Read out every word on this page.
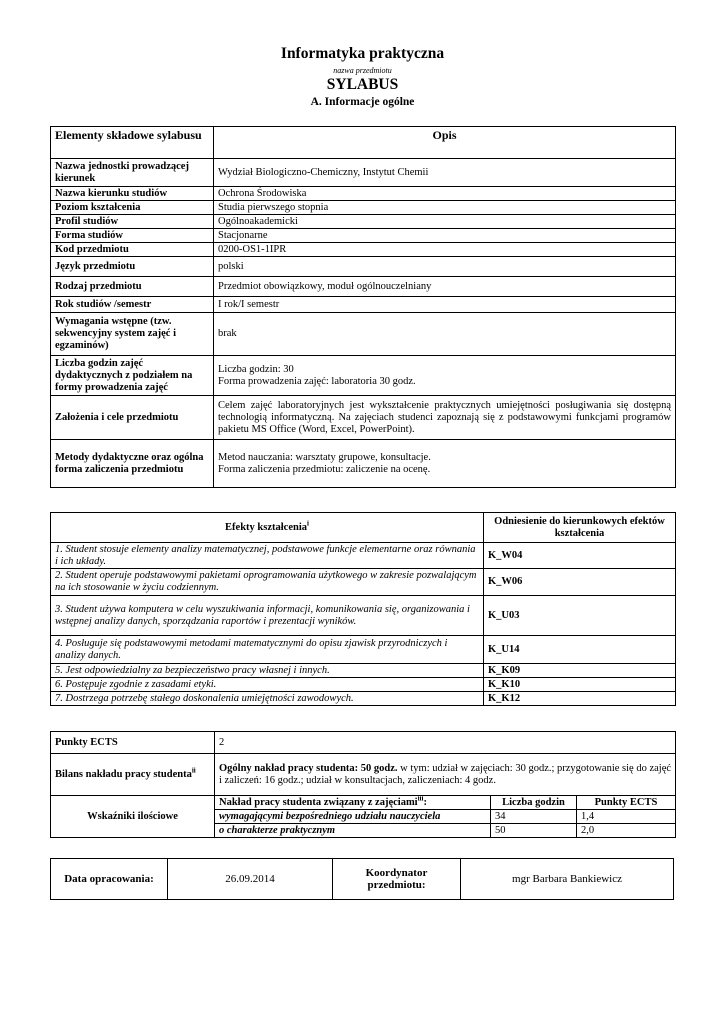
Informatyka praktyczna
nazwa przedmiotu
SYLABUS
A. Informacje ogólne
Elementy składowe sylabusu	Opis
Nazwa jednostki prowadzącej kierunek	Wydział Biologiczno-Chemiczny, Instytut Chemii
Nazwa kierunku studiów	Ochrona Środowiska
Poziom kształcenia	Studia pierwszego stopnia
Profil studiów	Ogólnoakademicki
Forma studiów	Stacjonarne
Kod przedmiotu	0200-OS1-1IPR
Język przedmiotu	polski
Rodzaj przedmiotu	Przedmiot obowiązkowy, moduł ogólnouczelniany
Rok studiów /semestr	I rok/I semestr
Wymagania wstępne (tzw. sekwencyjny system zajęć i egzaminów)	brak
Liczba godzin zajęć dydaktycznych z podziałem na formy prowadzenia zajęć	Liczba godzin: 30
Forma prowadzenia zajęć: laboratoria 30 godz.

Założenia i cele przedmiotu	Celem zajęć laboratoryjnych jest wykształcenie praktycznych umiejętności posługiwania się dostępną technologią informatyczną. Na zajęciach studenci zapoznają się z podstawowymi funkcjami programów pakietu MS Office (Word, Excel, PowerPoint).
Metody dydaktyczne oraz ogólna forma zaliczenia przedmiotu	Metod nauczania: warsztaty grupowe, konsultacje.
Forma zaliczenia przedmiotu: zaliczenie na ocenę.
Efekty kształcenia$^i$	Odniesienie do kierunkowych efektów kształcenia
1. Student stosuje elementy analizy matematycznej, podstawowe funkcje elementarne oraz równania i ich układy.	K_W04
2. Student operuje podstawowymi pakietami oprogramowania użytkowego w zakresie pozwalającym na ich stosowanie w życiu codziennym.	K_W06
3. Student używa komputera w celu wyszukiwania informacji, komunikowania się, organizowania i wstępnej analizy danych, sporządzania raportów i prezentacji wyników.	K_U03
4. Posługuje się podstawowymi metodami matematycznymi do opisu zjawisk przyrodniczych i analizy danych.	K_U14
5. Jest odpowiedzialny za bezpieczeństwo pracy własnej i innych.	K_K09
6. Postępuje zgodnie z zasadami etyki.	K_K10
7. Dostrzega potrzebę stałego doskonalenia umiejętności zawodowych.	K_K12
Punkty ECTS	2		
Bilans nakładu pracy studenta$^{ii}$	Ogólny nakład pracy studenta: 50 godz. w tym: udział w zajęciach: 30 godz.; przygotowanie się do zajęć i zaliczeń: 16 godz.; udział w konsultacjach, zaliczeniach: 4 godz.		
Wskaźniki ilościowe	Nakład pracy studenta związany z zajęciami$^{iii}$:	Liczba godzin	Punkty ECTS
	wymagającymi bezpośredniego udziału nauczyciela	34	1,4
	o charakterze praktycznym	50	2,0
Data opracowania:	26.09.2014	Koordynator przedmiotu:	mgr Barbara Bankiewicz
